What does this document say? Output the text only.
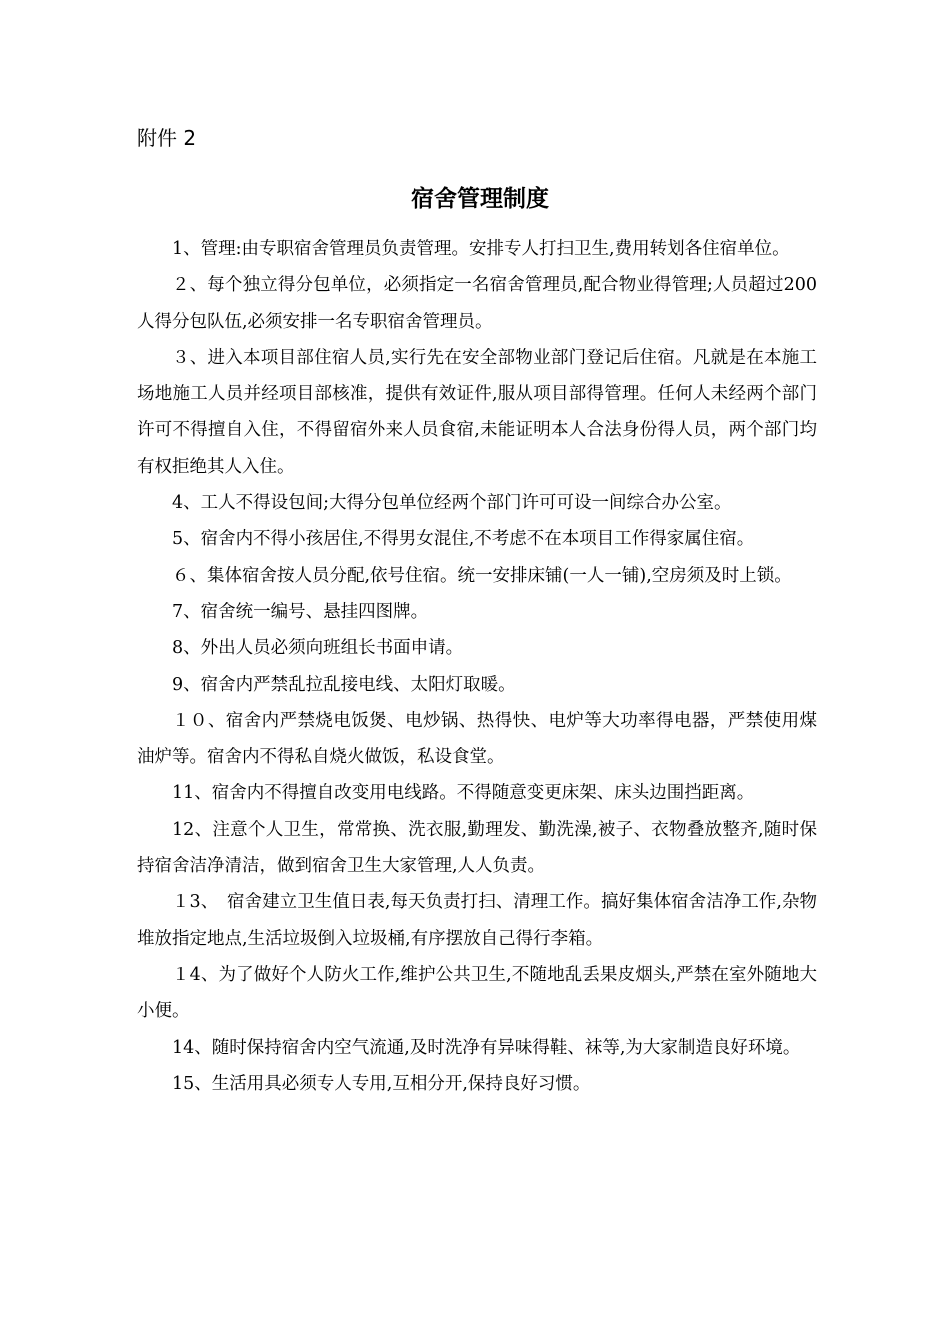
附件 2
宿舍管理制度

1、管理:由专职宿舍管理员负责管理。安排专人打扫卫生,费用转划各住宿单位。

２、每个独立得分包单位，必须指定一名宿舍管理员,配合物业得管理;人员超过200人得分包队伍,必须安排一名专职宿舍管理员。

３、进入本项目部住宿人员,实行先在安全部物业部门登记后住宿。凡就是在本施工场地施工人员并经项目部核准，提供有效证件,服从项目部得管理。任何人未经两个部门许可不得擅自入住，不得留宿外来人员食宿,未能证明本人合法身份得人员，两个部门均有权拒绝其人入住。

4、工人不得设包间;大得分包单位经两个部门许可可设一间综合办公室。

5、宿舍内不得小孩居住,不得男女混住,不考虑不在本项目工作得家属住宿。

６、集体宿舍按人员分配,依号住宿。统一安排床铺(一人一铺),空房须及时上锁。

7、宿舍统一编号、悬挂四图牌。

8、外出人员必须向班组长书面申请。

9、宿舍内严禁乱拉乱接电线、太阳灯取暖。

１０、宿舍内严禁烧电饭煲、电炒锅、热得快、电炉等大功率得电器，严禁使用煤油炉等。宿舍内不得私自烧火做饭，私设食堂。

11、宿舍内不得擅自改变用电线路。不得随意变更床架、床头边围挡距离。

12、注意个人卫生，常常换、洗衣服,勤理发、勤洗澡,被子、衣物叠放整齐,随时保持宿舍洁净清洁，做到宿舍卫生大家管理,人人负责。

１3、　宿舍建立卫生值日表,每天负责打扫、清理工作。搞好集体宿舍洁净工作,杂物堆放指定地点,生活垃圾倒入垃圾桶,有序摆放自己得行李箱。

１4、为了做好个人防火工作,维护公共卫生,不随地乱丢果皮烟头,严禁在室外随地大小便。

14、随时保持宿舍内空气流通,及时洗净有异味得鞋、袜等,为大家制造良好环境。

15、生活用具必须专人专用,互相分开,保持良好习惯。
